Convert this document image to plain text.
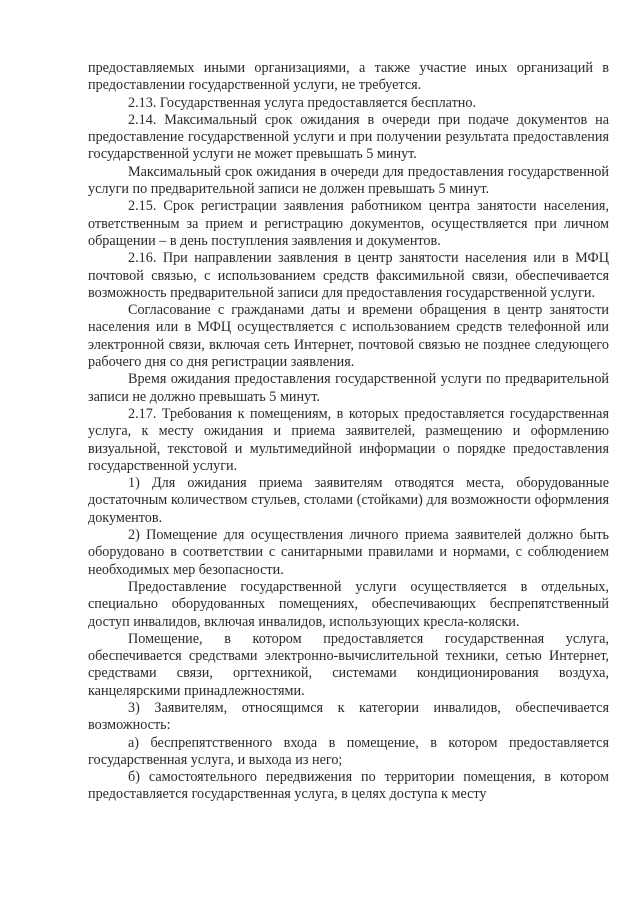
предоставляемых иными организациями, а также участие иных организаций в предоставлении государственной услуги, не требуется.

2.13. Государственная услуга предоставляется бесплатно.

2.14. Максимальный срок ожидания в очереди при подаче документов на предоставление государственной услуги и при получении результата предоставления государственной услуги не может превышать 5 минут.

Максимальный срок ожидания в очереди для предоставления государственной услуги по предварительной записи не должен превышать 5 минут.

2.15. Срок регистрации заявления работником центра занятости населения, ответственным за прием и регистрацию документов, осуществляется при личном обращении – в день поступления заявления и документов.

2.16. При направлении заявления в центр занятости населения или в МФЦ почтовой связью, с использованием средств факсимильной связи, обеспечивается возможность предварительной записи для предоставления государственной услуги.

Согласование с гражданами даты и времени обращения в центр занятости населения или в МФЦ осуществляется с использованием средств телефонной или электронной связи, включая сеть Интернет, почтовой связью не позднее следующего рабочего дня со дня регистрации заявления.

Время ожидания предоставления государственной услуги по предварительной записи не должно превышать 5 минут.

2.17. Требования к помещениям, в которых предоставляется государственная услуга, к месту ожидания и приема заявителей, размещению и оформлению визуальной, текстовой и мультимедийной информации о порядке предоставления государственной услуги.

1) Для ожидания приема заявителям отводятся места, оборудованные достаточным количеством стульев, столами (стойками) для возможности оформления документов.

2) Помещение для осуществления личного приема заявителей должно быть оборудовано в соответствии с санитарными правилами и нормами, с соблюдением необходимых мер безопасности.

Предоставление государственной услуги осуществляется в отдельных, специально оборудованных помещениях, обеспечивающих беспрепятственный доступ инвалидов, включая инвалидов, использующих кресла-коляски.

Помещение, в котором предоставляется государственная услуга, обеспечивается средствами электронно-вычислительной техники, сетью Интернет, средствами связи, оргтехникой, системами кондиционирования воздуха, канцелярскими принадлежностями.

3) Заявителям, относящимся к категории инвалидов, обеспечивается возможность:

а) беспрепятственного входа в помещение, в котором предоставляется государственная услуга, и выхода из него;

б) самостоятельного передвижения по территории помещения, в котором предоставляется государственная услуга, в целях доступа к месту
